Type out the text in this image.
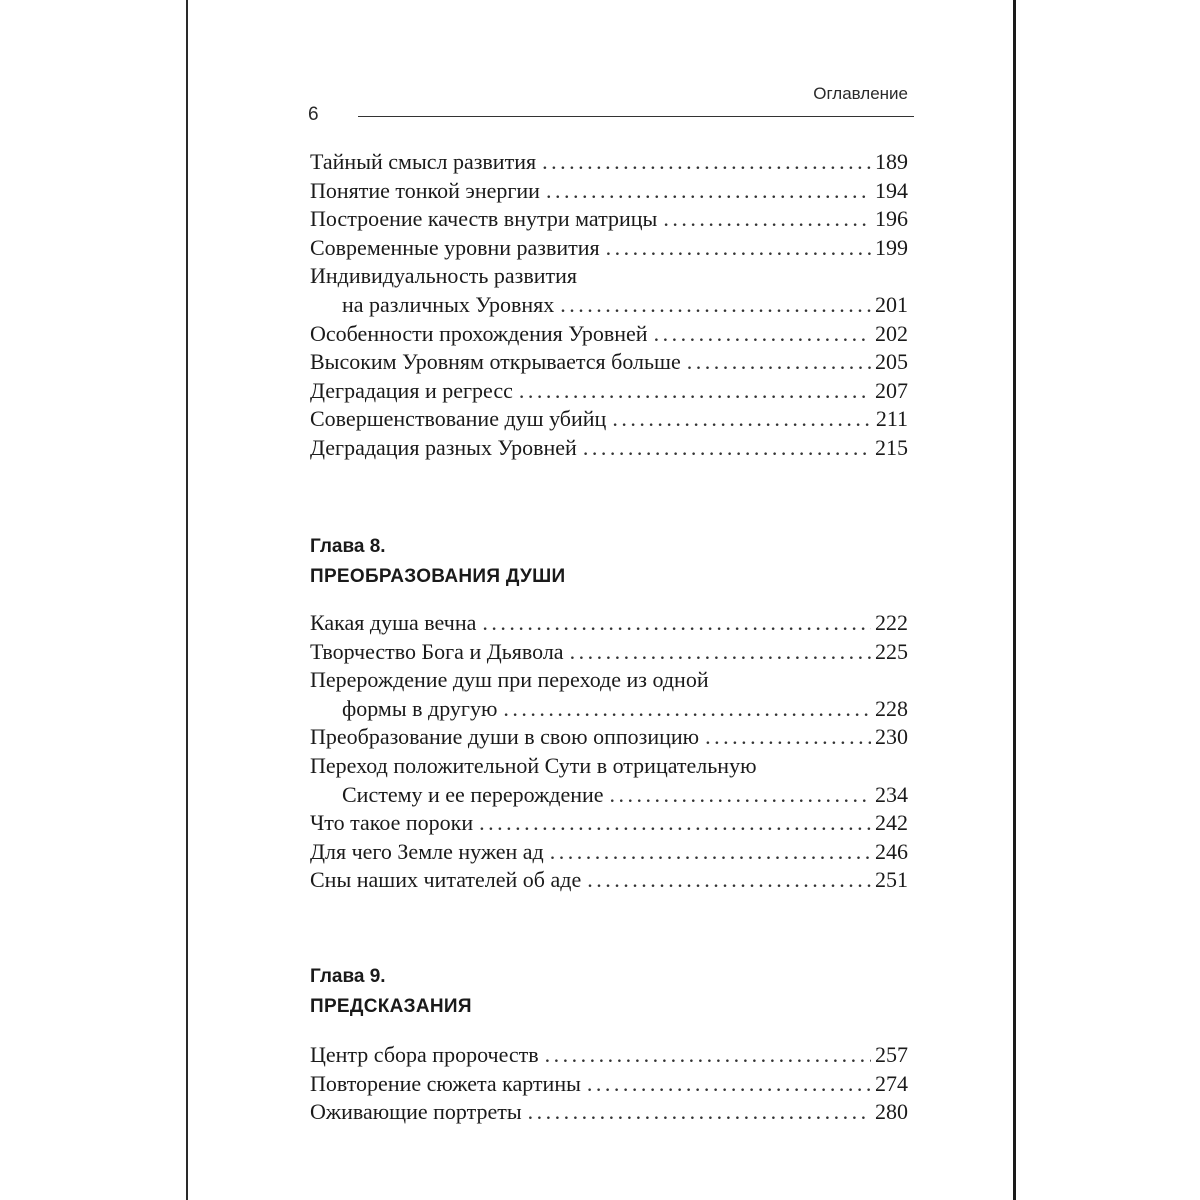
Оглавление
6
Тайный смысл развития . . .	189
Понятие тонкой энергии . . .	194
Построение качеств внутри матрицы . . .	196
Современные уровни развития . . .	199
Индивидуальность развития
на различных Уровнях . . .	201
Особенности прохождения Уровней . . .	202
Высоким Уровням открывается больше . . .	205
Деградация и регресс . . .	207
Совершенствование душ убийц . . .	211
Деградация разных Уровней . . .	215
Глава 8.
ПРЕОБРАЗОВАНИЯ ДУШИ
Какая душа вечна . . .	222
Творчество Бога и Дьявола . . .	225
Перерождение душ при переходе из одной
формы в другую . . .	228
Преобразование души в свою оппозицию . . .	230
Переход положительной Сути в отрицательную
Систему и ее перерождение . . .	234
Что такое пороки . . .	242
Для чего Земле нужен ад . . .	246
Сны наших читателей об аде . . .	251
Глава 9.
ПРЕДСКАЗАНИЯ
Центр сбора пророчеств . . .	257
Повторение сюжета картины . . .	274
Оживающие портреты . . .	280
